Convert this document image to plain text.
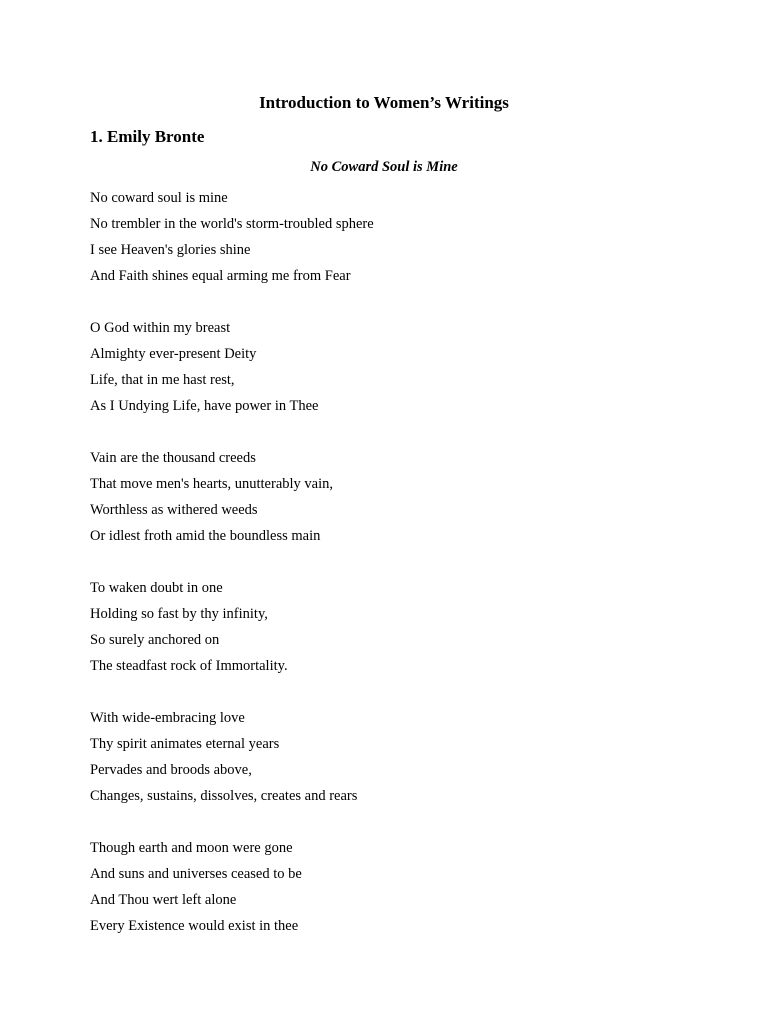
Introduction to Women’s Writings
1. Emily Bronte
No Coward Soul is Mine
No coward soul is mine
No trembler in the world's storm-troubled sphere
I see Heaven's glories shine
And Faith shines equal arming me from Fear
O God within my breast
Almighty ever-present Deity
Life, that in me hast rest,
As I Undying Life, have power in Thee
Vain are the thousand creeds
That move men's hearts, unutterably vain,
Worthless as withered weeds
Or idlest froth amid the boundless main
To waken doubt in one
Holding so fast by thy infinity,
So surely anchored on
The steadfast rock of Immortality.
With wide-embracing love
Thy spirit animates eternal years
Pervades and broods above,
Changes, sustains, dissolves, creates and rears
Though earth and moon were gone
And suns and universes ceased to be
And Thou wert left alone
Every Existence would exist in thee
